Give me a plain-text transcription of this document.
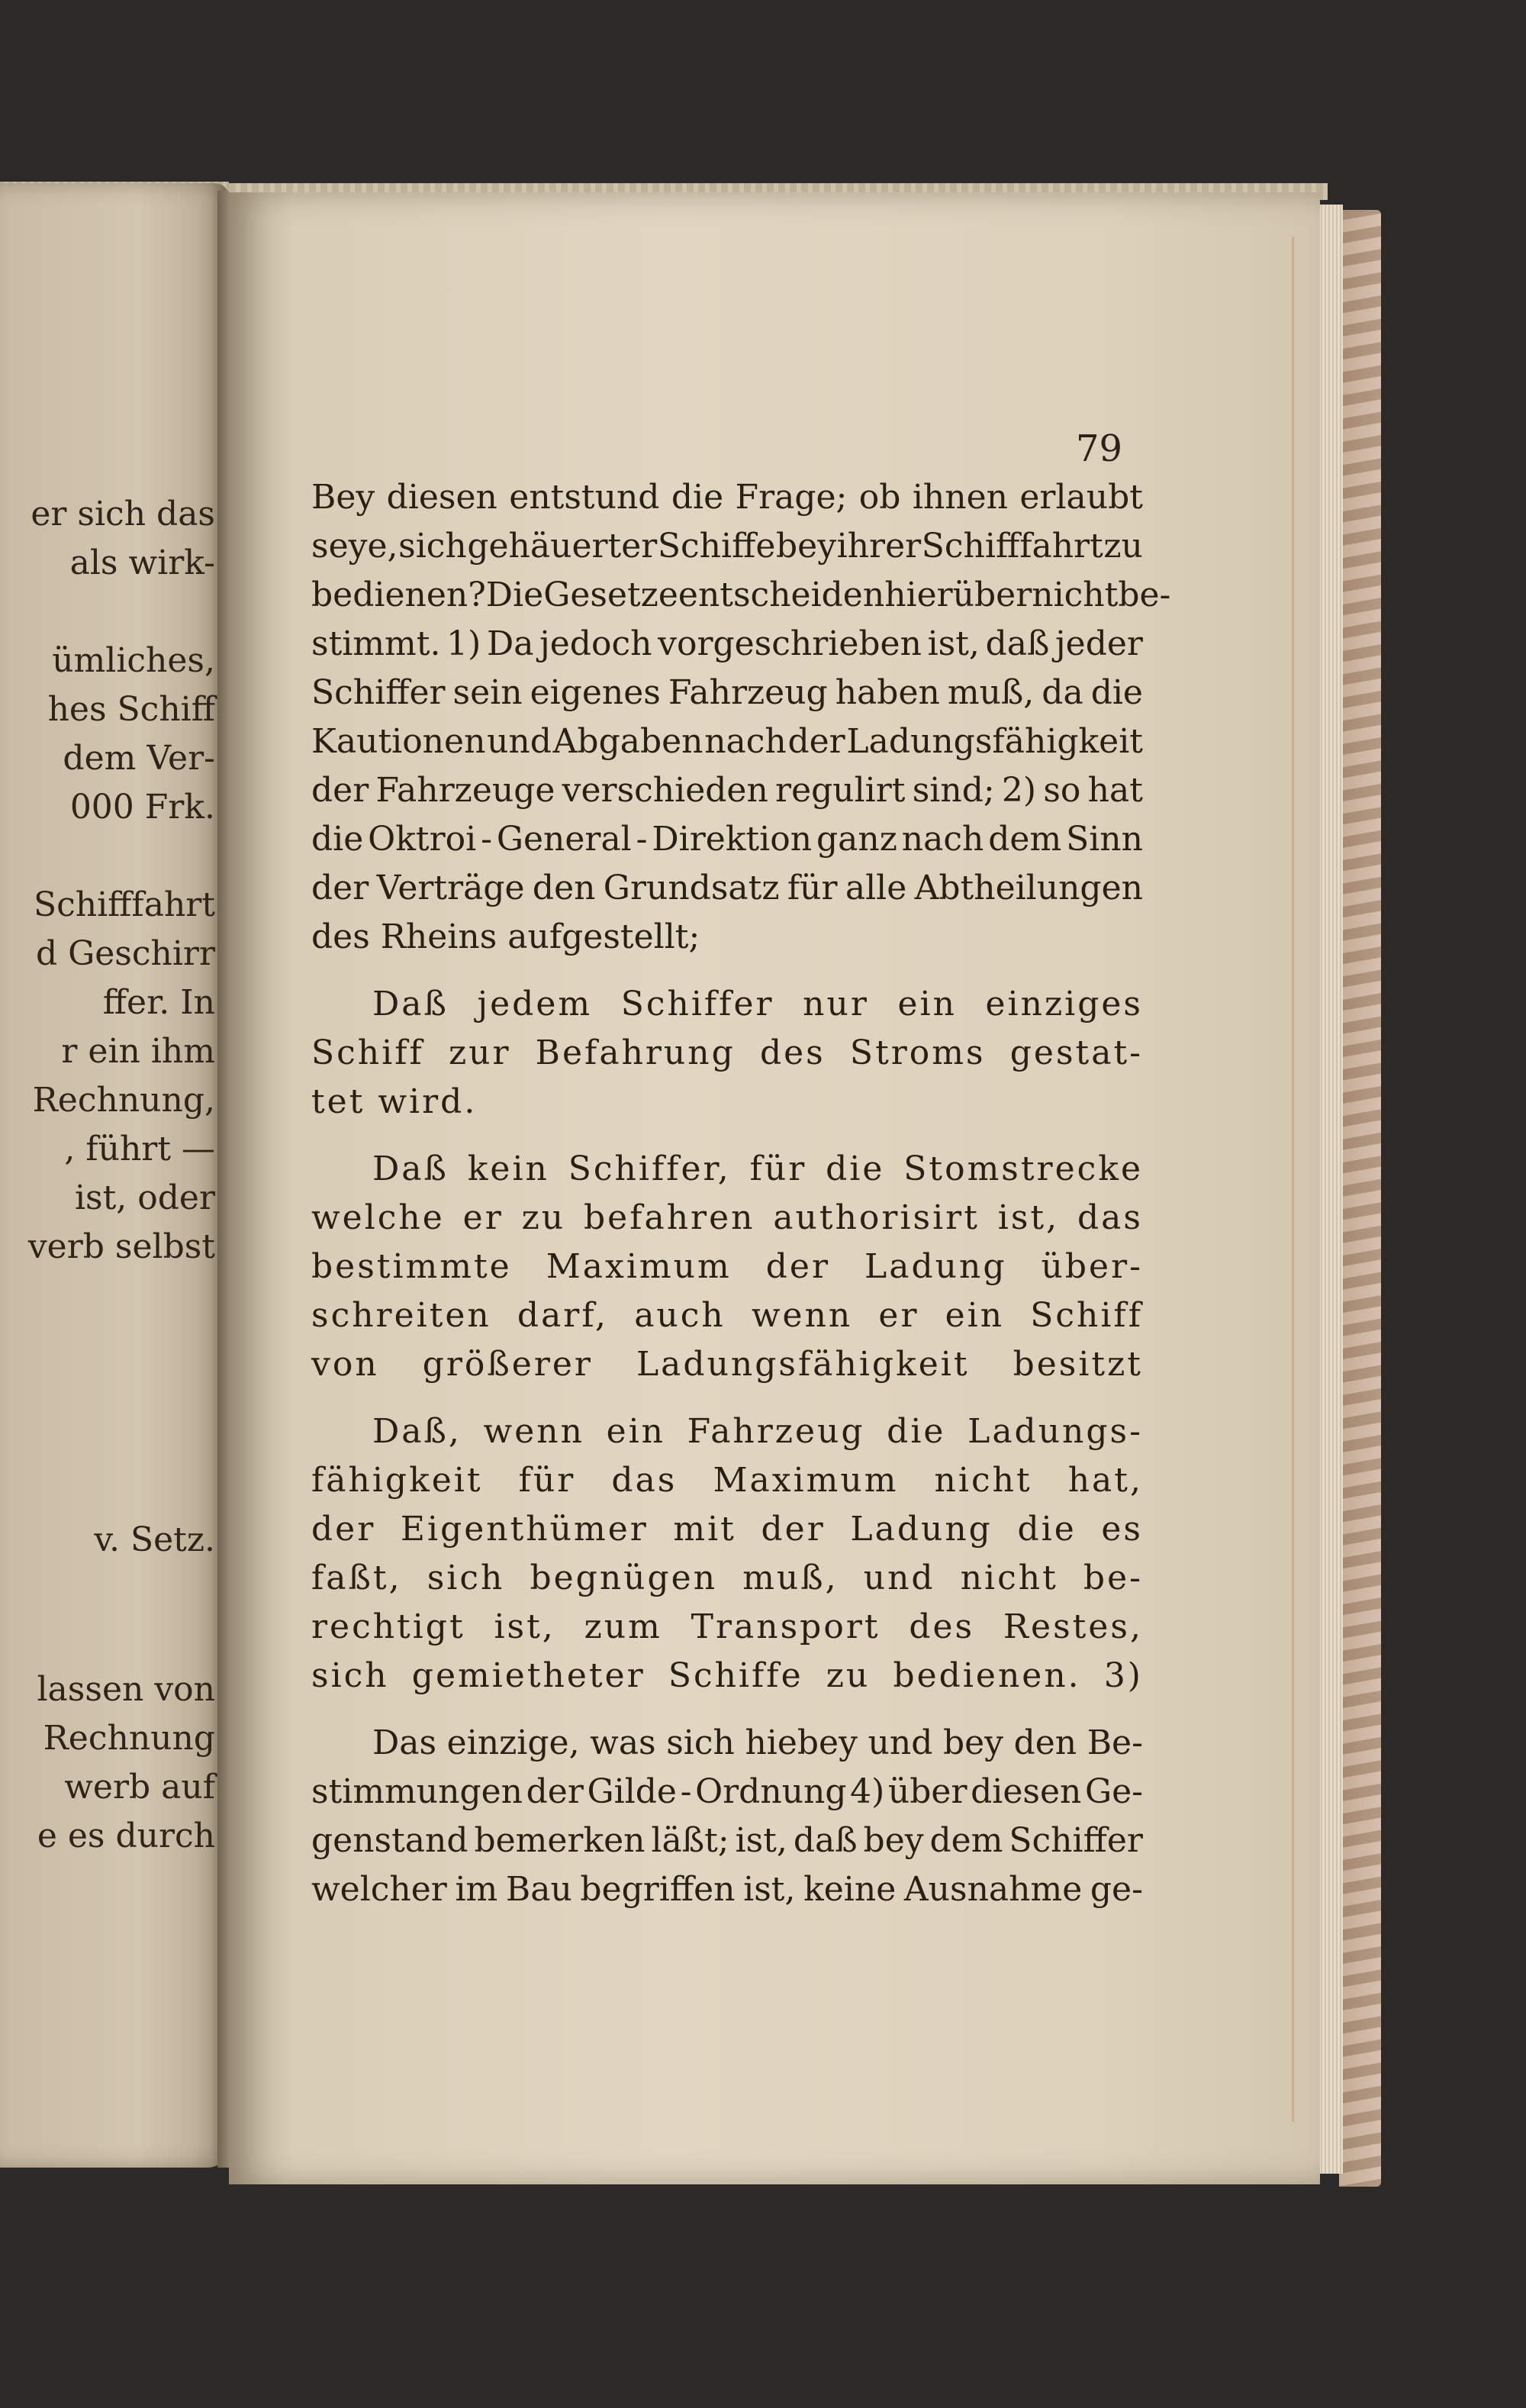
er sich das
als wirk-
ümliches,
hes Schiff
dem Ver-
000 Frk.
Schifffahrt
d Geschirr
ffer. In
r ein ihm
Rechnung,
, führt —
ist, oder
verb selbst
v. Setz.
lassen von
Rechnung
werb auf
e es durch
79
Bey diesen entstund die Frage; ob ihnen erlaubt
seye, sich gehäuerter Schiffe bey ihrer Schifffahrt zu
bedienen? Die Gesetze entscheiden hierüber nicht be-
stimmt. 1) Da jedoch vorgeschrieben ist, daß jeder
Schiffer sein eigenes Fahrzeug haben muß, da die
Kautionen und Abgaben nach der Ladungsfähigkeit
der Fahrzeuge verschieden regulirt sind; 2) so hat
die Oktroi - General - Direktion ganz nach dem Sinn
der Verträge den Grundsatz für alle Abtheilungen
des Rheins aufgestellt;
Daß jedem Schiffer nur ein einziges
Schiff zur Befahrung des Stroms gestat-
tet wird.
Daß kein Schiffer, für die Stomstrecke
welche er zu befahren authorisirt ist, das
bestimmte Maximum der Ladung über-
schreiten darf, auch wenn er ein Schiff
von größerer Ladungsfähigkeit besitzt
Daß, wenn ein Fahrzeug die Ladungs-
fähigkeit für das Maximum nicht hat,
der Eigenthümer mit der Ladung die es
faßt, sich begnügen muß, und nicht be-
rechtigt ist, zum Transport des Restes,
sich gemietheter Schiffe zu bedienen. 3)
Das einzige, was sich hiebey und bey den Be-
stimmungen der Gilde - Ordnung 4) über diesen Ge-
genstand bemerken läßt; ist, daß bey dem Schiffer
welcher im Bau begriffen ist, keine Ausnahme ge-
